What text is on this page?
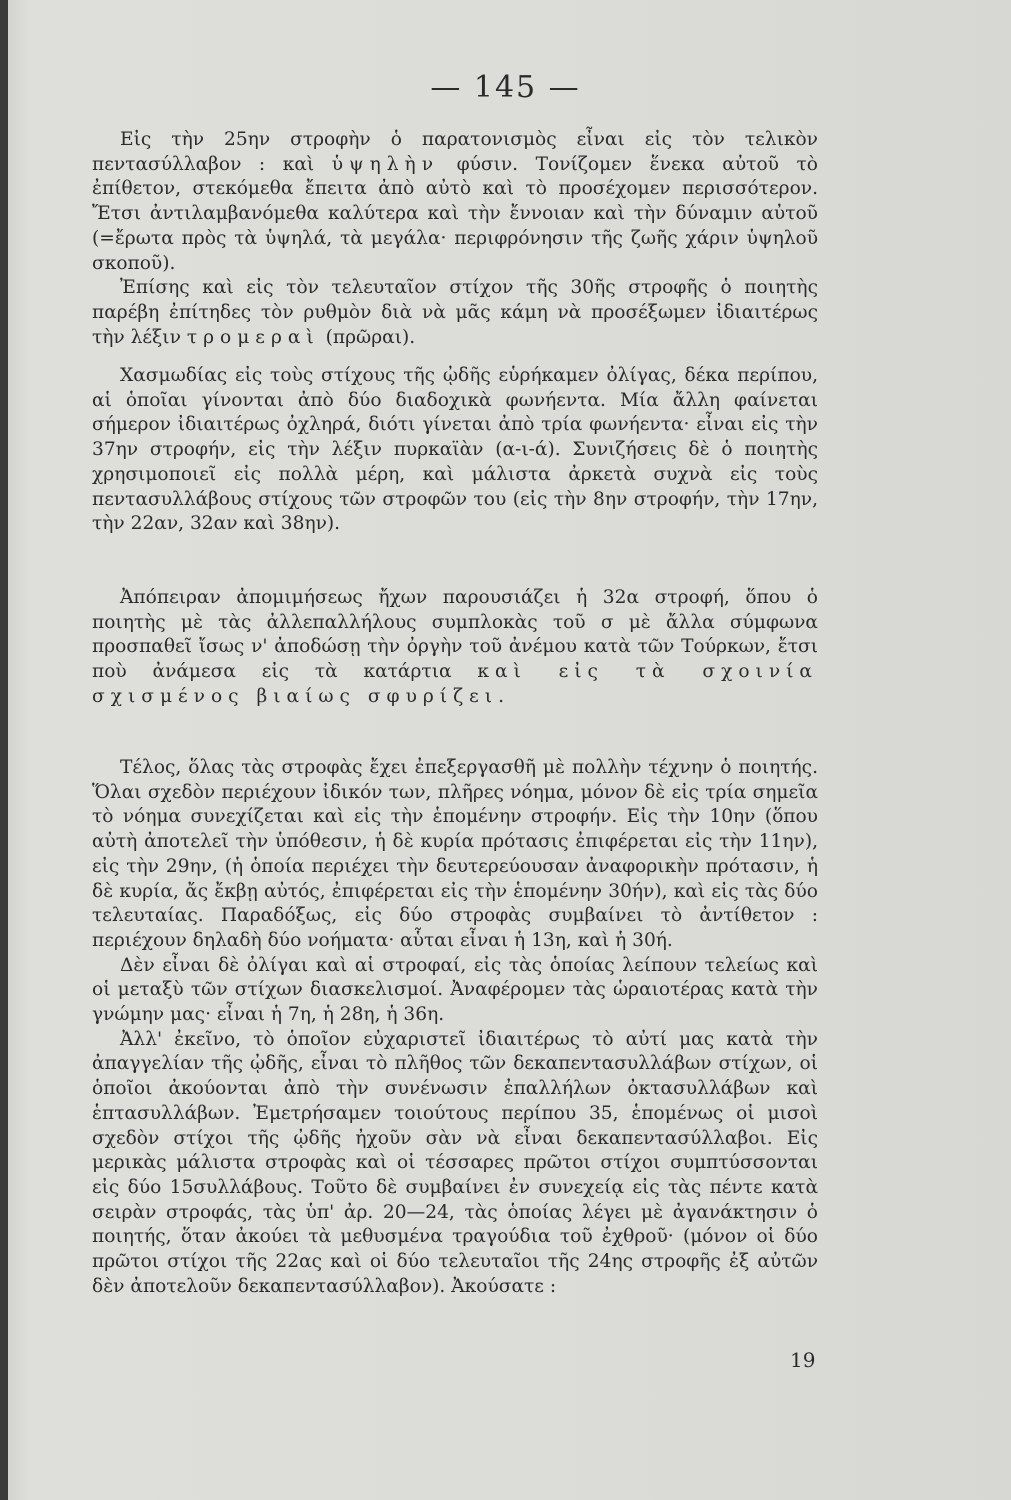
— 145 —

Εἰς τὴν 25ην στροφὴν ὁ παρατονισμὸς εἶναι εἰς τὸν τελικὸν πεντασύλλαβον : καὶ ὑψηλὴν φύσιν. Τονίζομεν ἕνεκα αὐτοῦ τὸ ἐπίθετον, στεκόμεθα ἔπειτα ἀπὸ αὐτὸ καὶ τὸ προσέχομεν περισσότερον. Ἔτσι ἀντιλαμβανόμεθα καλύτερα καὶ τὴν ἔννοιαν καὶ τὴν δύναμιν αὐτοῦ (=ἔρωτα πρὸς τὰ ὑψηλά, τὰ μεγάλα· περιφρόνησιν τῆς ζωῆς χάριν ὑψηλοῦ σκοποῦ).

Ἐπίσης καὶ εἰς τὸν τελευταῖον στίχον τῆς 30ῆς στροφῆς ὁ ποιητὴς παρέβη ἐπίτηδες τὸν ρυθμὸν διὰ νὰ μᾶς κάμη νὰ προσέξωμεν ἰδιαιτέρως τὴν λέξιν τρομεραὶ (πρῶραι).

Χασμωδίας εἰς τοὺς στίχους τῆς ᾠδῆς εὑρήκαμεν ὀλίγας, δέκα περίπου, αἱ ὁποῖαι γίνονται ἀπὸ δύο διαδοχικὰ φωνήεντα. Μία ἄλλη φαίνεται σήμερον ἰδιαιτέρως ὀχληρά, διότι γίνεται ἀπὸ τρία φωνήεντα· εἶναι εἰς τὴν 37ην στροφήν, εἰς τὴν λέξιν πυρκαϊὰν (α-ι-ά). Συνιζήσεις δὲ ὁ ποιητὴς χρησιμοποιεῖ εἰς πολλὰ μέρη, καὶ μάλιστα ἀρκετὰ συχνὰ εἰς τοὺς πεντασυλλάβους στίχους τῶν στροφῶν του (εἰς τὴν 8ην στροφήν, τὴν 17ην, τὴν 22αν, 32αν καὶ 38ην).

Ἀπόπειραν ἀπομιμήσεως ἤχων παρουσιάζει ἡ 32α στροφή, ὅπου ὁ ποιητὴς μὲ τὰς ἀλλεπαλλήλους συμπλοκὰς τοῦ σ μὲ ἄλλα σύμφωνα προσπαθεῖ ἴσως ν' ἀποδώσῃ τὴν ὀργὴν τοῦ ἀνέμου κατὰ τῶν Τούρκων, ἔτσι ποὺ ἀνάμεσα εἰς τὰ κατάρτια καὶ εἰς τὰ σχοινία σχισμένος βιαίως σφυρίζει.

Τέλος, ὅλας τὰς στροφὰς ἔχει ἐπεξεργασθῆ μὲ πολλὴν τέχνην ὁ ποιητής. Ὅλαι σχεδὸν περιέχουν ἰδικόν των, πλῆρες νόημα, μόνον δὲ εἰς τρία σημεῖα τὸ νόημα συνεχίζεται καὶ εἰς τὴν ἑπομένην στροφήν. Εἰς τὴν 10ην (ὅπου αὐτὴ ἀποτελεῖ τὴν ὑπόθεσιν, ἡ δὲ κυρία πρότασις ἐπιφέρεται εἰς τὴν 11ην), εἰς τὴν 29ην, (ἡ ὁποία περιέχει τὴν δευτερεύουσαν ἀναφορικὴν πρότασιν, ἡ δὲ κυρία, ἄς ἔκβῃ αὐτός, ἐπιφέρεται εἰς τὴν ἑπομένην 30ήν), καὶ εἰς τὰς δύο τελευταίας. Παραδόξως, εἰς δύο στροφὰς συμβαίνει τὸ ἀντίθετον : περιέχουν δηλαδὴ δύο νοήματα· αὗται εἶναι ἡ 13η, καὶ ἡ 30ή.

Δὲν εἶναι δὲ ὀλίγαι καὶ αἱ στροφαί, εἰς τὰς ὁποίας λείπουν τελείως καὶ οἱ μεταξὺ τῶν στίχων διασκελισμοί. Ἀναφέρομεν τὰς ὡραιοτέρας κατὰ τὴν γνώμην μας· εἶναι ἡ 7η, ἡ 28η, ἡ 36η.

Ἀλλ' ἐκεῖνο, τὸ ὁποῖον εὐχαριστεῖ ἰδιαιτέρως τὸ αὐτί μας κατὰ τὴν ἀπαγγελίαν τῆς ᾠδῆς, εἶναι τὸ πλῆθος τῶν δεκαπεντασυλλάβων στίχων, οἱ ὁποῖοι ἀκούονται ἀπὸ τὴν συνένωσιν ἐπαλλήλων ὀκτασυλλάβων καὶ ἑπτασυλλάβων. Ἐμετρήσαμεν τοιούτους περίπου 35, ἑπομένως οἱ μισοὶ σχεδὸν στίχοι τῆς ᾠδῆς ἠχοῦν σὰν νὰ εἶναι δεκαπεντασύλλαβοι. Εἰς μερικὰς μάλιστα στροφὰς καὶ οἱ τέσσαρες πρῶτοι στίχοι συμπτύσσονται εἰς δύο 15συλλάβους. Τοῦτο δὲ συμβαίνει ἐν συνεχείᾳ εἰς τὰς πέντε κατὰ σειρὰν στροφάς, τὰς ὑπ' ἀρ. 20—24, τὰς ὁποίας λέγει μὲ ἀγανάκτησιν ὁ ποιητής, ὅταν ἀκούει τὰ μεθυσμένα τραγούδια τοῦ ἐχθροῦ· (μόνον οἱ δύο πρῶτοι στίχοι τῆς 22ας καὶ οἱ δύο τελευταῖοι τῆς 24ης στροφῆς ἐξ αὐτῶν δὲν ἀποτελοῦν δεκαπεντασύλλαβον). Ἀκούσατε :

19
